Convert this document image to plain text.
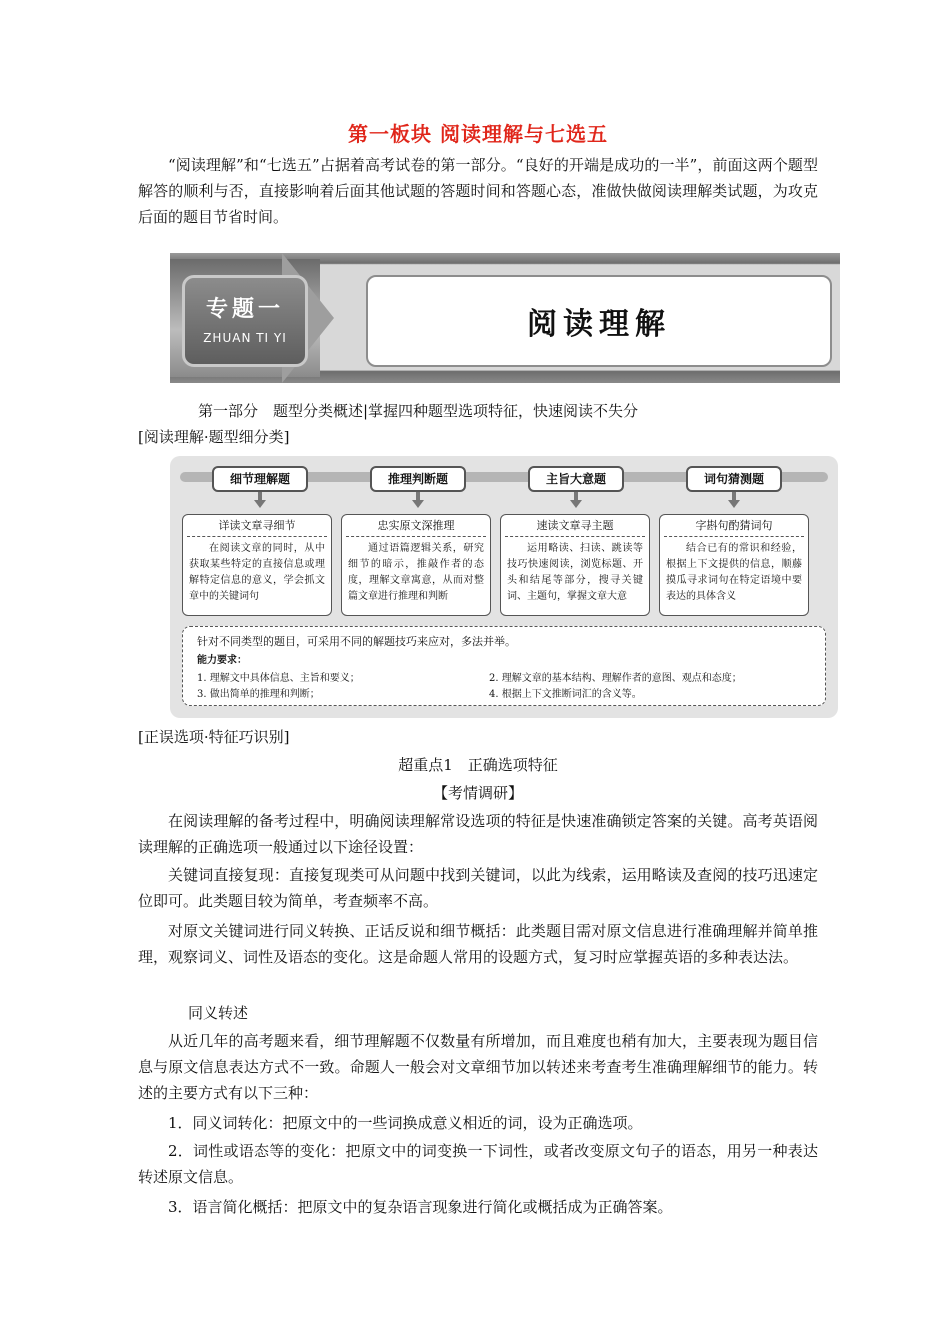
第一板块 阅读理解与七选五

“阅读理解”和“七选五”占据着高考试卷的第一部分。“良好的开端是成功的一半”，前面这两个题型解答的顺利与否，直接影响着后面其他试题的答题时间和答题心态，准做快做阅读理解类试题，为攻克后面的题目节省时间。

专题一
ZHUAN TI YI	阅读理解

第一部分　题型分类概述|掌握四种题型选项特征，快速阅读不失分

[阅读理解·题型细分类]

细节理解题	推理判断题	主旨大意题	词句猜测题
详读文章寻细节
在阅读文章的同时，从中获取某些特定的直接信息或理解特定信息的意义，学会抓文章中的关键词句
忠实原文深推理
通过语篇逻辑关系，研究细节的暗示，推敲作者的态度，理解文章寓意，从而对整篇文章进行推理和判断
速读文章寻主题
运用略读、扫读、跳读等技巧快速阅读，浏览标题、开头和结尾等部分，搜寻关键词、主题句，掌握文章大意
字斟句酌猜词句
结合已有的常识和经验，根据上下文提供的信息，顺藤摸瓜寻求词句在特定语境中要表达的具体含义
针对不同类型的题目，可采用不同的解题技巧来应对，多法并举。
能力要求：
1. 理解文中具体信息、主旨和要义；	2. 理解文章的基本结构、理解作者的意图、观点和态度；
3. 做出简单的推理和判断；	4. 根据上下文推断词汇的含义等。

[正误选项·特征巧识别]

超重点1　正确选项特征

【考情调研】

在阅读理解的备考过程中，明确阅读理解常设选项的特征是快速准确锁定答案的关键。高考英语阅读理解的正确选项一般通过以下途径设置：

关键词直接复现：直接复现类可从问题中找到关键词，以此为线索，运用略读及查阅的技巧迅速定位即可。此类题目较为简单，考查频率不高。

对原文关键词进行同义转换、正话反说和细节概括：此类题目需对原文信息进行准确理解并简单推理，观察词义、词性及语态的变化。这是命题人常用的设题方式，复习时应掌握英语的多种表达法。

同义转述

从近几年的高考题来看，细节理解题不仅数量有所增加，而且难度也稍有加大，主要表现为题目信息与原文信息表达方式不一致。命题人一般会对文章细节加以转述来考查考生准确理解细节的能力。转述的主要方式有以下三种：

1．同义词转化：把原文中的一些词换成意义相近的词，设为正确选项。

2．词性或语态等的变化：把原文中的词变换一下词性，或者改变原文句子的语态，用另一种表达转述原文信息。

3．语言简化概括：把原文中的复杂语言现象进行简化或概括成为正确答案。
